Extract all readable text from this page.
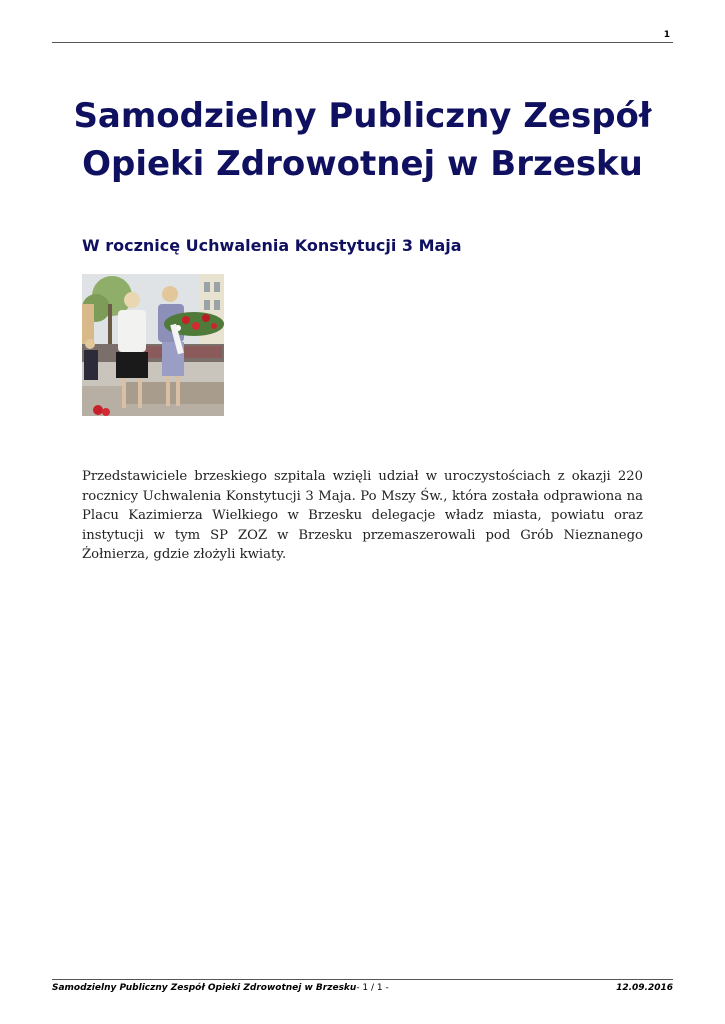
1
Samodzielny Publiczny Zespół Opieki Zdrowotnej w Brzesku
W rocznicę Uchwalenia Konstytucji 3 Maja

Przedstawiciele brzeskiego szpitala wzięli udział w uroczystościach z okazji 220 rocznicy Uchwalenia Konstytucji 3 Maja. Po Mszy Św., która została odprawiona na Placu Kazimierza Wielkiego w Brzesku delegacje władz miasta, powiatu oraz instytucji w tym SP ZOZ w Brzesku przemaszerowali pod Grób Nieznanego Żołnierza, gdzie złożyli kwiaty.

Samodzielny Publiczny Zespół Opieki Zdrowotnej w Brzesku- 1 / 1 -	12.09.2016
